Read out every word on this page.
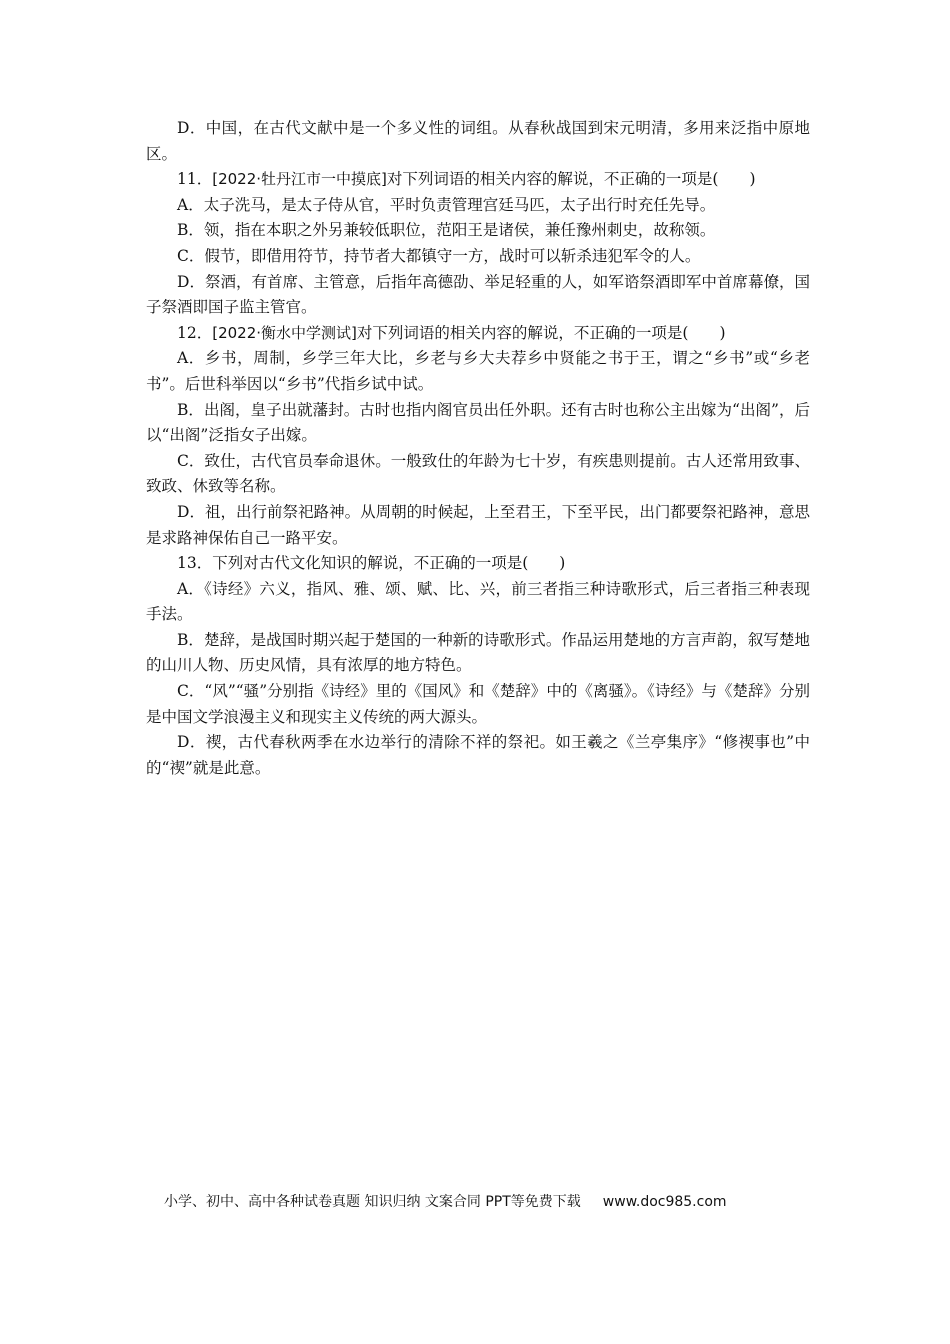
D．中国，在古代文献中是一个多义性的词组。从春秋战国到宋元明清，多用来泛指中原地区。

11．[2022·牡丹江市一中摸底]对下列词语的相关内容的解说，不正确的一项是(　　)

A．太子洗马，是太子侍从官，平时负责管理宫廷马匹，太子出行时充任先导。

B．领，指在本职之外另兼较低职位，范阳王是诸侯，兼任豫州刺史，故称领。

C．假节，即借用符节，持节者大都镇守一方，战时可以斩杀违犯军令的人。

D．祭酒，有首席、主管意，后指年高德劭、举足轻重的人，如军谘祭酒即军中首席幕僚，国子祭酒即国子监主管官。

12．[2022·衡水中学测试]对下列词语的相关内容的解说，不正确的一项是(　　)

A．乡书，周制，乡学三年大比，乡老与乡大夫荐乡中贤能之书于王，谓之“乡书”或“乡老书”。后世科举因以“乡书”代指乡试中试。

B．出阁，皇子出就藩封。古时也指内阁官员出任外职。还有古时也称公主出嫁为“出阁”，后以“出阁”泛指女子出嫁。

C．致仕，古代官员奉命退休。一般致仕的年龄为七十岁，有疾患则提前。古人还常用致事、致政、休致等名称。

D．祖，出行前祭祀路神。从周朝的时候起，上至君王，下至平民，出门都要祭祀路神，意思是求路神保佑自己一路平安。

13．下列对古代文化知识的解说，不正确的一项是(　　)

A．《诗经》六义，指风、雅、颂、赋、比、兴，前三者指三种诗歌形式，后三者指三种表现手法。

B．楚辞，是战国时期兴起于楚国的一种新的诗歌形式。作品运用楚地的方言声韵，叙写楚地的山川人物、历史风情，具有浓厚的地方特色。

C．“风”“骚”分别指《诗经》里的《国风》和《楚辞》中的《离骚》。《诗经》与《楚辞》分别是中国文学浪漫主义和现实主义传统的两大源头。

D．禊，古代春秋两季在水边举行的清除不祥的祭祀。如王羲之《兰亭集序》“修禊事也”中的“禊”就是此意。

小学、初中、高中各种试卷真题 知识归纳 文案合同 PPT等免费下载 www.doc985.com
